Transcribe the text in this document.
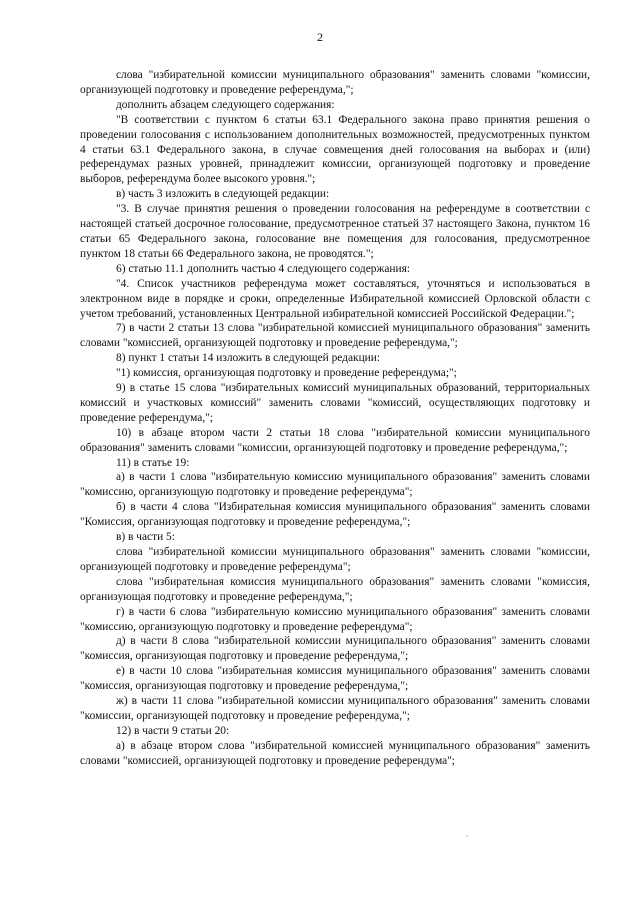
2

слова "избирательной комиссии муниципального образования" заменить словами "комиссии, организующей подготовку и проведение референдума,";

дополнить абзацем следующего содержания:

"В соответствии с пунктом 6 статьи 63.1 Федерального закона право принятия решения о проведении голосования с использованием дополнительных возможностей, предусмотренных пунктом 4 статьи 63.1 Федерального закона, в случае совмещения дней голосования на выборах и (или) референдумах разных уровней, принадлежит комиссии, организующей подготовку и проведение выборов, референдума более высокого уровня.";

в) часть 3 изложить в следующей редакции:

"3. В случае принятия решения о проведении голосования на референдуме в соответствии с настоящей статьей досрочное голосование, предусмотренное статьей 37 настоящего Закона, пунктом 16 статьи 65 Федерального закона, голосование вне помещения для голосования, предусмотренное пунктом 18 статьи 66 Федерального закона, не проводятся.";

6) статью 11.1 дополнить частью 4 следующего содержания:

"4. Список участников референдума может составляться, уточняться и использоваться в электронном виде в порядке и сроки, определенные Избирательной комиссией Орловской области с учетом требований, установленных Центральной избирательной комиссией Российской Федерации.";

7) в части 2 статьи 13 слова "избирательной комиссией муниципального образования" заменить словами "комиссией, организующей подготовку и проведение референдума,";

8) пункт 1 статьи 14 изложить в следующей редакции:

"1) комиссия, организующая подготовку и проведение референдума;";

9) в статье 15 слова "избирательных комиссий муниципальных образований, территориальных комиссий и участковых комиссий" заменить словами "комиссий, осуществляющих подготовку и проведение референдума,";

10) в абзаце втором части 2 статьи 18 слова "избирательной комиссии муниципального образования" заменить словами "комиссии, организующей подготовку и проведение референдума,";

11) в статье 19:

а) в части 1 слова "избирательную комиссию муниципального образования" заменить словами "комиссию, организующую подготовку и проведение референдума";

б) в части 4 слова "Избирательная комиссия муниципального образования" заменить словами "Комиссия, организующая подготовку и проведение референдума,";

в) в части 5:

слова "избирательной комиссии муниципального образования" заменить словами "комиссии, организующей подготовку и проведение референдума";

слова "избирательная комиссия муниципального образования" заменить словами "комиссия, организующая подготовку и проведение референдума,";

г) в части 6 слова "избирательную комиссию муниципального образования" заменить словами "комиссию, организующую подготовку и проведение референдума";

д) в части 8 слова "избирательной комиссии муниципального образования" заменить словами "комиссия, организующая подготовку и проведение референдума,";

е) в части 10 слова "избирательная комиссия муниципального образования" заменить словами "комиссия, организующая подготовку и проведение референдума,";

ж) в части 11 слова "избирательной комиссии муниципального образования" заменить словами "комиссии, организующей подготовку и проведение референдума,";

12) в части 9 статьи 20:

а) в абзаце втором слова "избирательной комиссией муниципального образования" заменить словами "комиссией, организующей подготовку и проведение референдума";
